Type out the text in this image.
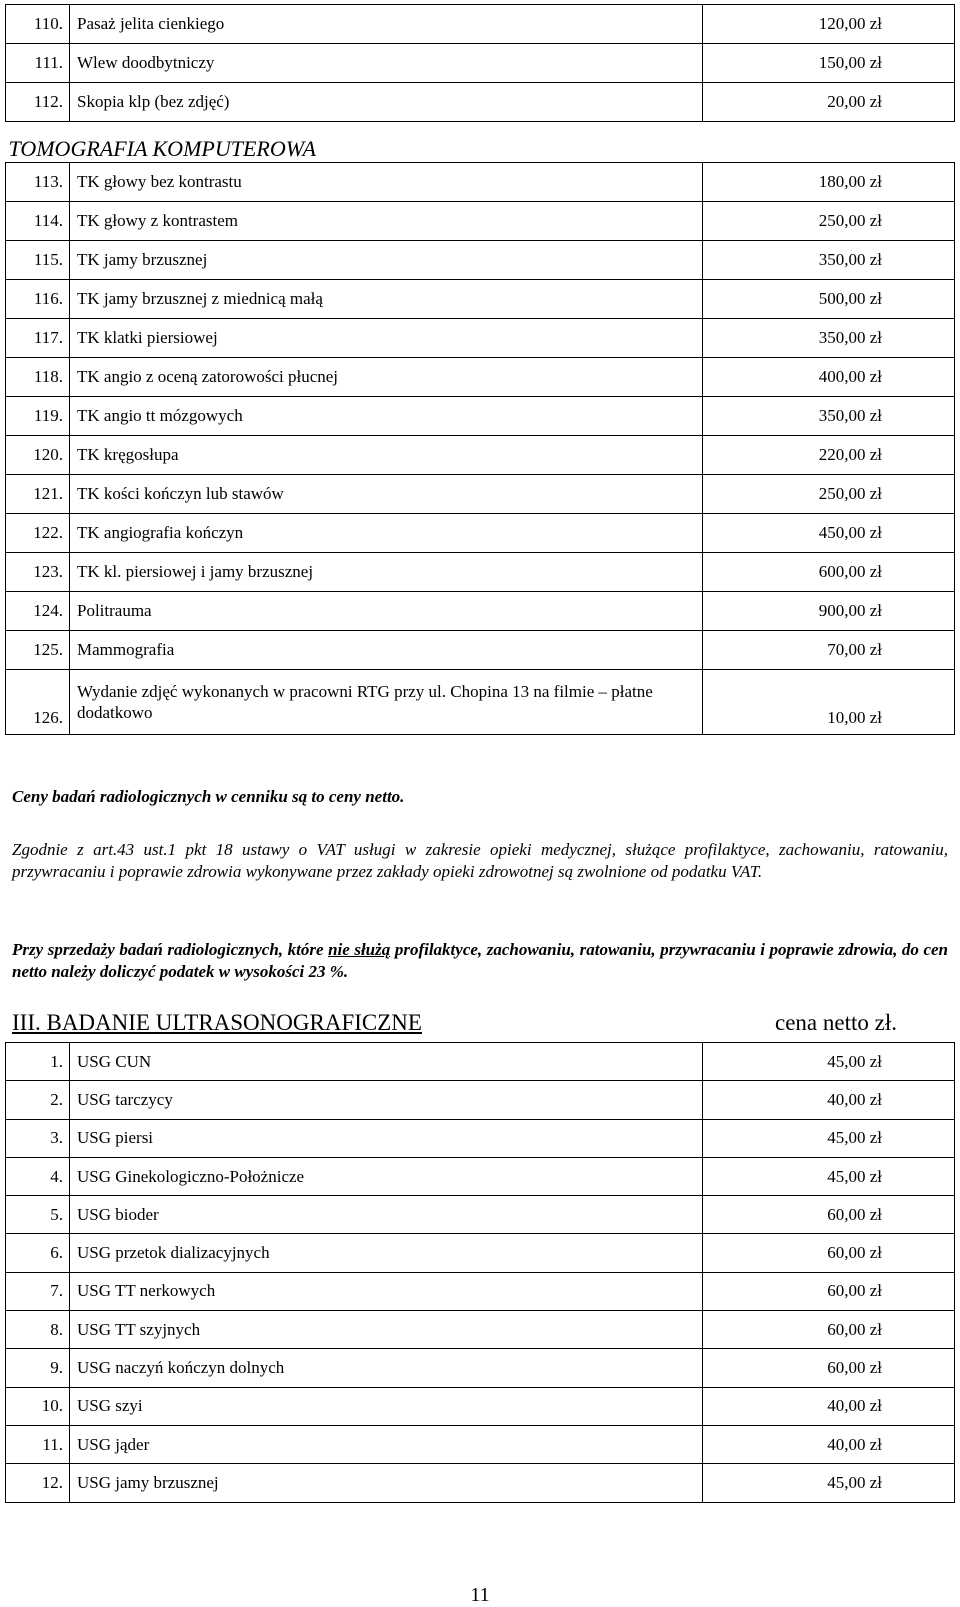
110.	Pasaż jelita cienkiego	120,00 zł
111.	Wlew doodbytniczy	150,00 zł
112.	Skopia klp (bez zdjęć)	20,00 zł
TOMOGRAFIA KOMPUTEROWA		
113.	TK głowy bez kontrastu	180,00 zł
114.	TK głowy z kontrastem	250,00 zł
115.	TK jamy brzusznej	350,00 zł
116.	TK jamy brzusznej z miednicą małą	500,00 zł
117.	TK klatki piersiowej	350,00 zł
118.	TK angio z oceną zatorowości płucnej	400,00 zł
119.	TK angio tt mózgowych	350,00 zł
120.	TK kręgosłupa	220,00 zł
121.	TK kości kończyn lub stawów	250,00 zł
122.	TK angiografia kończyn	450,00 zł
123.	TK kl. piersiowej i jamy brzusznej	600,00 zł
124.	Politrauma	900,00 zł
125.	Mammografia	70,00 zł
126.	Wydanie zdjęć wykonanych w pracowni RTG przy ul. Chopina 13 na filmie – płatne dodatkowo	10,00 zł
Ceny badań radiologicznych w cenniku są to ceny netto.
Zgodnie z art.43 ust.1 pkt 18 ustawy o VAT usługi w zakresie opieki medycznej, służące profilaktyce, zachowaniu, ratowaniu, przywracaniu i poprawie zdrowia wykonywane przez zakłady opieki zdrowotnej są zwolnione od podatku VAT.
Przy sprzedaży badań radiologicznych, które nie służą profilaktyce, zachowaniu, ratowaniu, przywracaniu i poprawie zdrowia, do cen netto należy doliczyć podatek w wysokości 23 %.
III. BADANIE ULTRASONOGRAFICZNE	cena netto zł.
1.	USG CUN	45,00 zł
2.	USG tarczycy	40,00 zł
3.	USG piersi	45,00 zł
4.	USG Ginekologiczno-Położnicze	45,00 zł
5.	USG bioder	60,00 zł
6.	USG przetok dializacyjnych	60,00 zł
7.	USG TT nerkowych	60,00 zł
8.	USG TT szyjnych	60,00 zł
9.	USG naczyń kończyn dolnych	60,00 zł
10.	USG szyi	40,00 zł
11.	USG jąder	40,00 zł
12.	USG jamy brzusznej	45,00 zł
11
